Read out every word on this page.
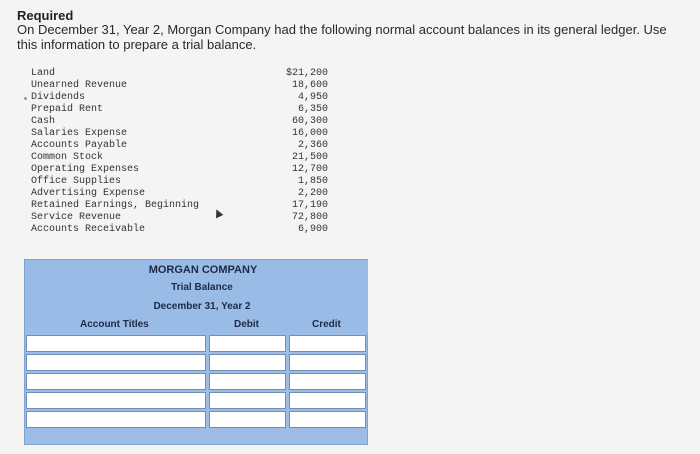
Required
On December 31, Year 2, Morgan Company had the following normal account balances in its general ledger. Use this information to prepare a trial balance.
Land	$21,200
Unearned Revenue	18,600
Dividends	4,950
Prepaid Rent	6,350
Cash	60,300
Salaries Expense	16,000
Accounts Payable	2,360
Common Stock	21,500
Operating Expenses	12,700
Office Supplies	1,850
Advertising Expense	2,200
Retained Earnings, Beginning	17,190
Service Revenue	72,800
Accounts Receivable	6,900
MORGAN COMPANY
Trial Balance
December 31, Year 2
Account Titles	Debit	Credit
